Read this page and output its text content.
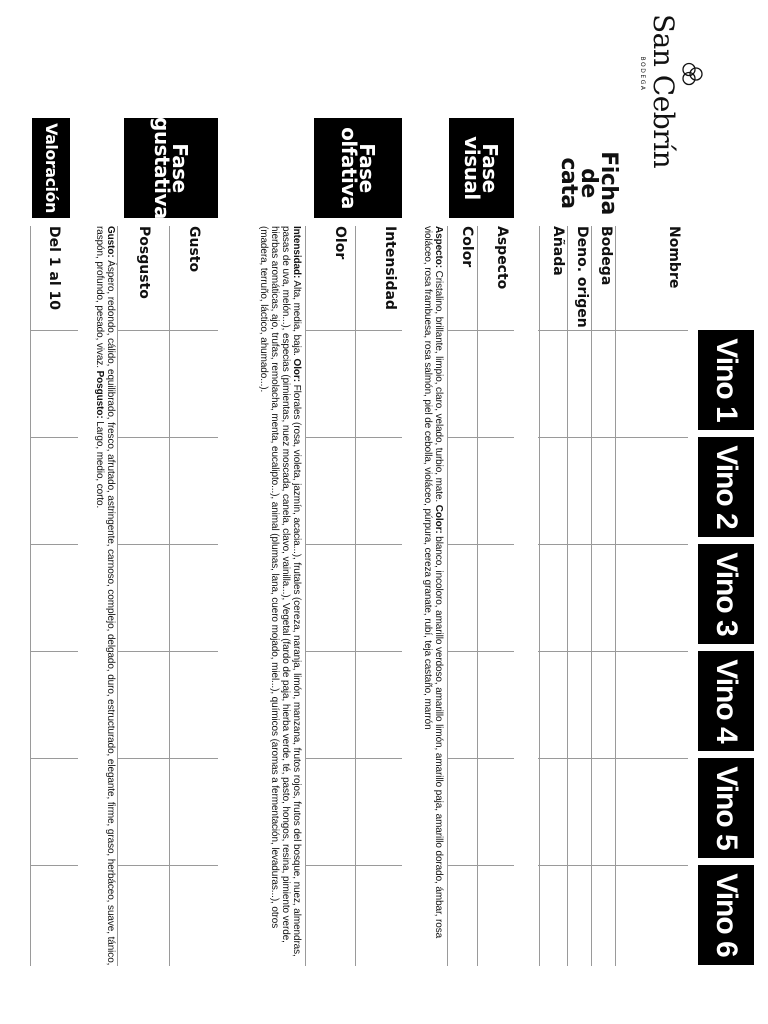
San Cebrín
BODEGA
Ficha
de
cata
Vino 1
Vino 2
Vino 3
Vino 4
Vino 5
Vino 6
Nombre
Bodega
Deno. origen
Añada
Fase visual
Aspecto
Color
Aspecto: Cristalino, brillante, limpio, claro, velado, turbio, mate. Color: blanco, incoloro, amarillo verdoso, amarillo limón, amarillo paja, amarillo dorado, ámbar, rosa violáceo, rosa frambuesa, rosa salmón, piel de cebolla, violáceo, púrpura, cereza granate, rubí, teja castaño, marrón
Fase olfativa
Intensidad
Olor
Intensidad: Alta, media, baja. Olor: Florales (rosa, violeta, jazmín, acacia...), frutales (cereza, naranja, limón, manzana, frutos rojos, frutos del bosque, nuez, almendras, pasas de uva, melón...), especias (pimientas, nuez moscada, canela, clavo, vainilla...), Vegetal (fardo de paja, hierba verde, té, pasto, hongos, resina, pimiento verde, hierbas aromáticas, ajo, trufas, remolacha, menta, eucalipto...), animal (plumas, lana, cuero mojado, miel...), químicos (aromas a fermentación, levaduras...), otros (madera, terruño, láctico, ahumado...).
Fase gustativa
Gusto
Posgusto
Gusto: Áspero, redondo, cálido, equilibrado, fresco, afrutado, astringente, carnoso, complejo, delgado, duro, estructurado, elegante, firme, graso, herbáceo, suave, tánico, raspón, profundo, pesado, vivaz. Posgusto: Largo, medio, corto.
Valoración
Del 1 al 10
